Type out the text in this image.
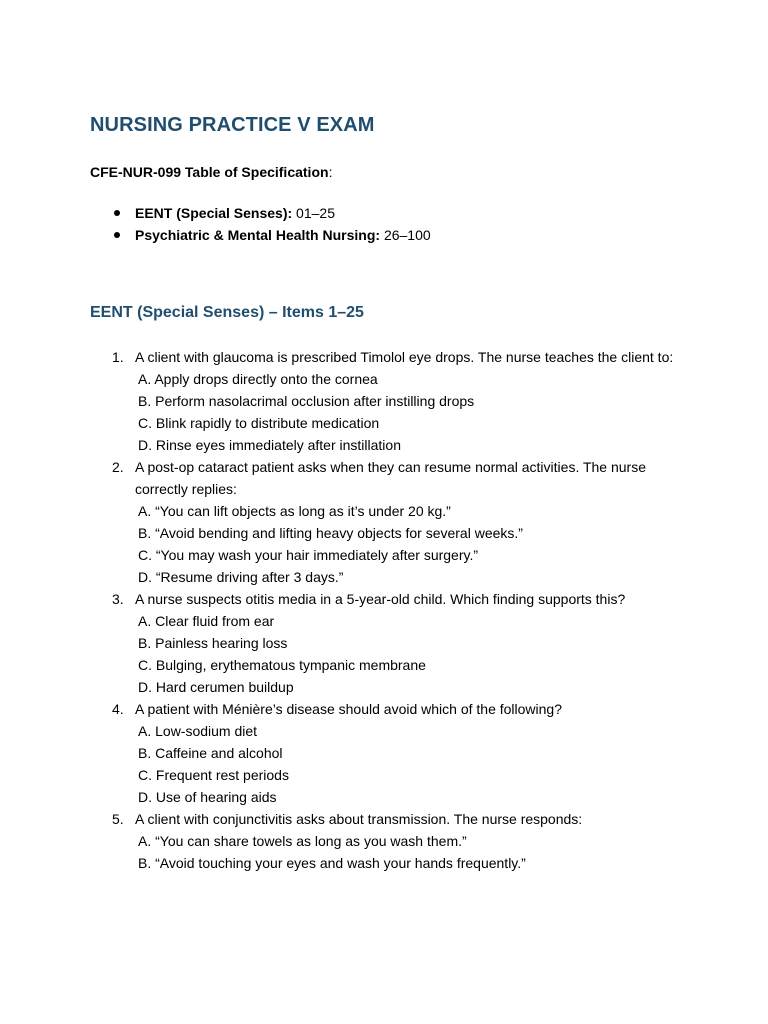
NURSING PRACTICE V EXAM

CFE-NUR-099 Table of Specification:

EENT (Special Senses): 01–25
Psychiatric & Mental Health Nursing: 26–100
EENT (Special Senses) – Items 1–25
1. A client with glaucoma is prescribed Timolol eye drops. The nurse teaches the client to:
A. Apply drops directly onto the cornea
B. Perform nasolacrimal occlusion after instilling drops
C. Blink rapidly to distribute medication
D. Rinse eyes immediately after instillation
2. A post-op cataract patient asks when they can resume normal activities. The nurse correctly replies:
A. “You can lift objects as long as it’s under 20 kg.”
B. “Avoid bending and lifting heavy objects for several weeks.”
C. “You may wash your hair immediately after surgery.”
D. “Resume driving after 3 days.”
3. A nurse suspects otitis media in a 5-year-old child. Which finding supports this?
A. Clear fluid from ear
B. Painless hearing loss
C. Bulging, erythematous tympanic membrane
D. Hard cerumen buildup
4. A patient with Ménière’s disease should avoid which of the following?
A. Low-sodium diet
B. Caffeine and alcohol
C. Frequent rest periods
D. Use of hearing aids
5. A client with conjunctivitis asks about transmission. The nurse responds:
A. “You can share towels as long as you wash them.”
B. “Avoid touching your eyes and wash your hands frequently.”
